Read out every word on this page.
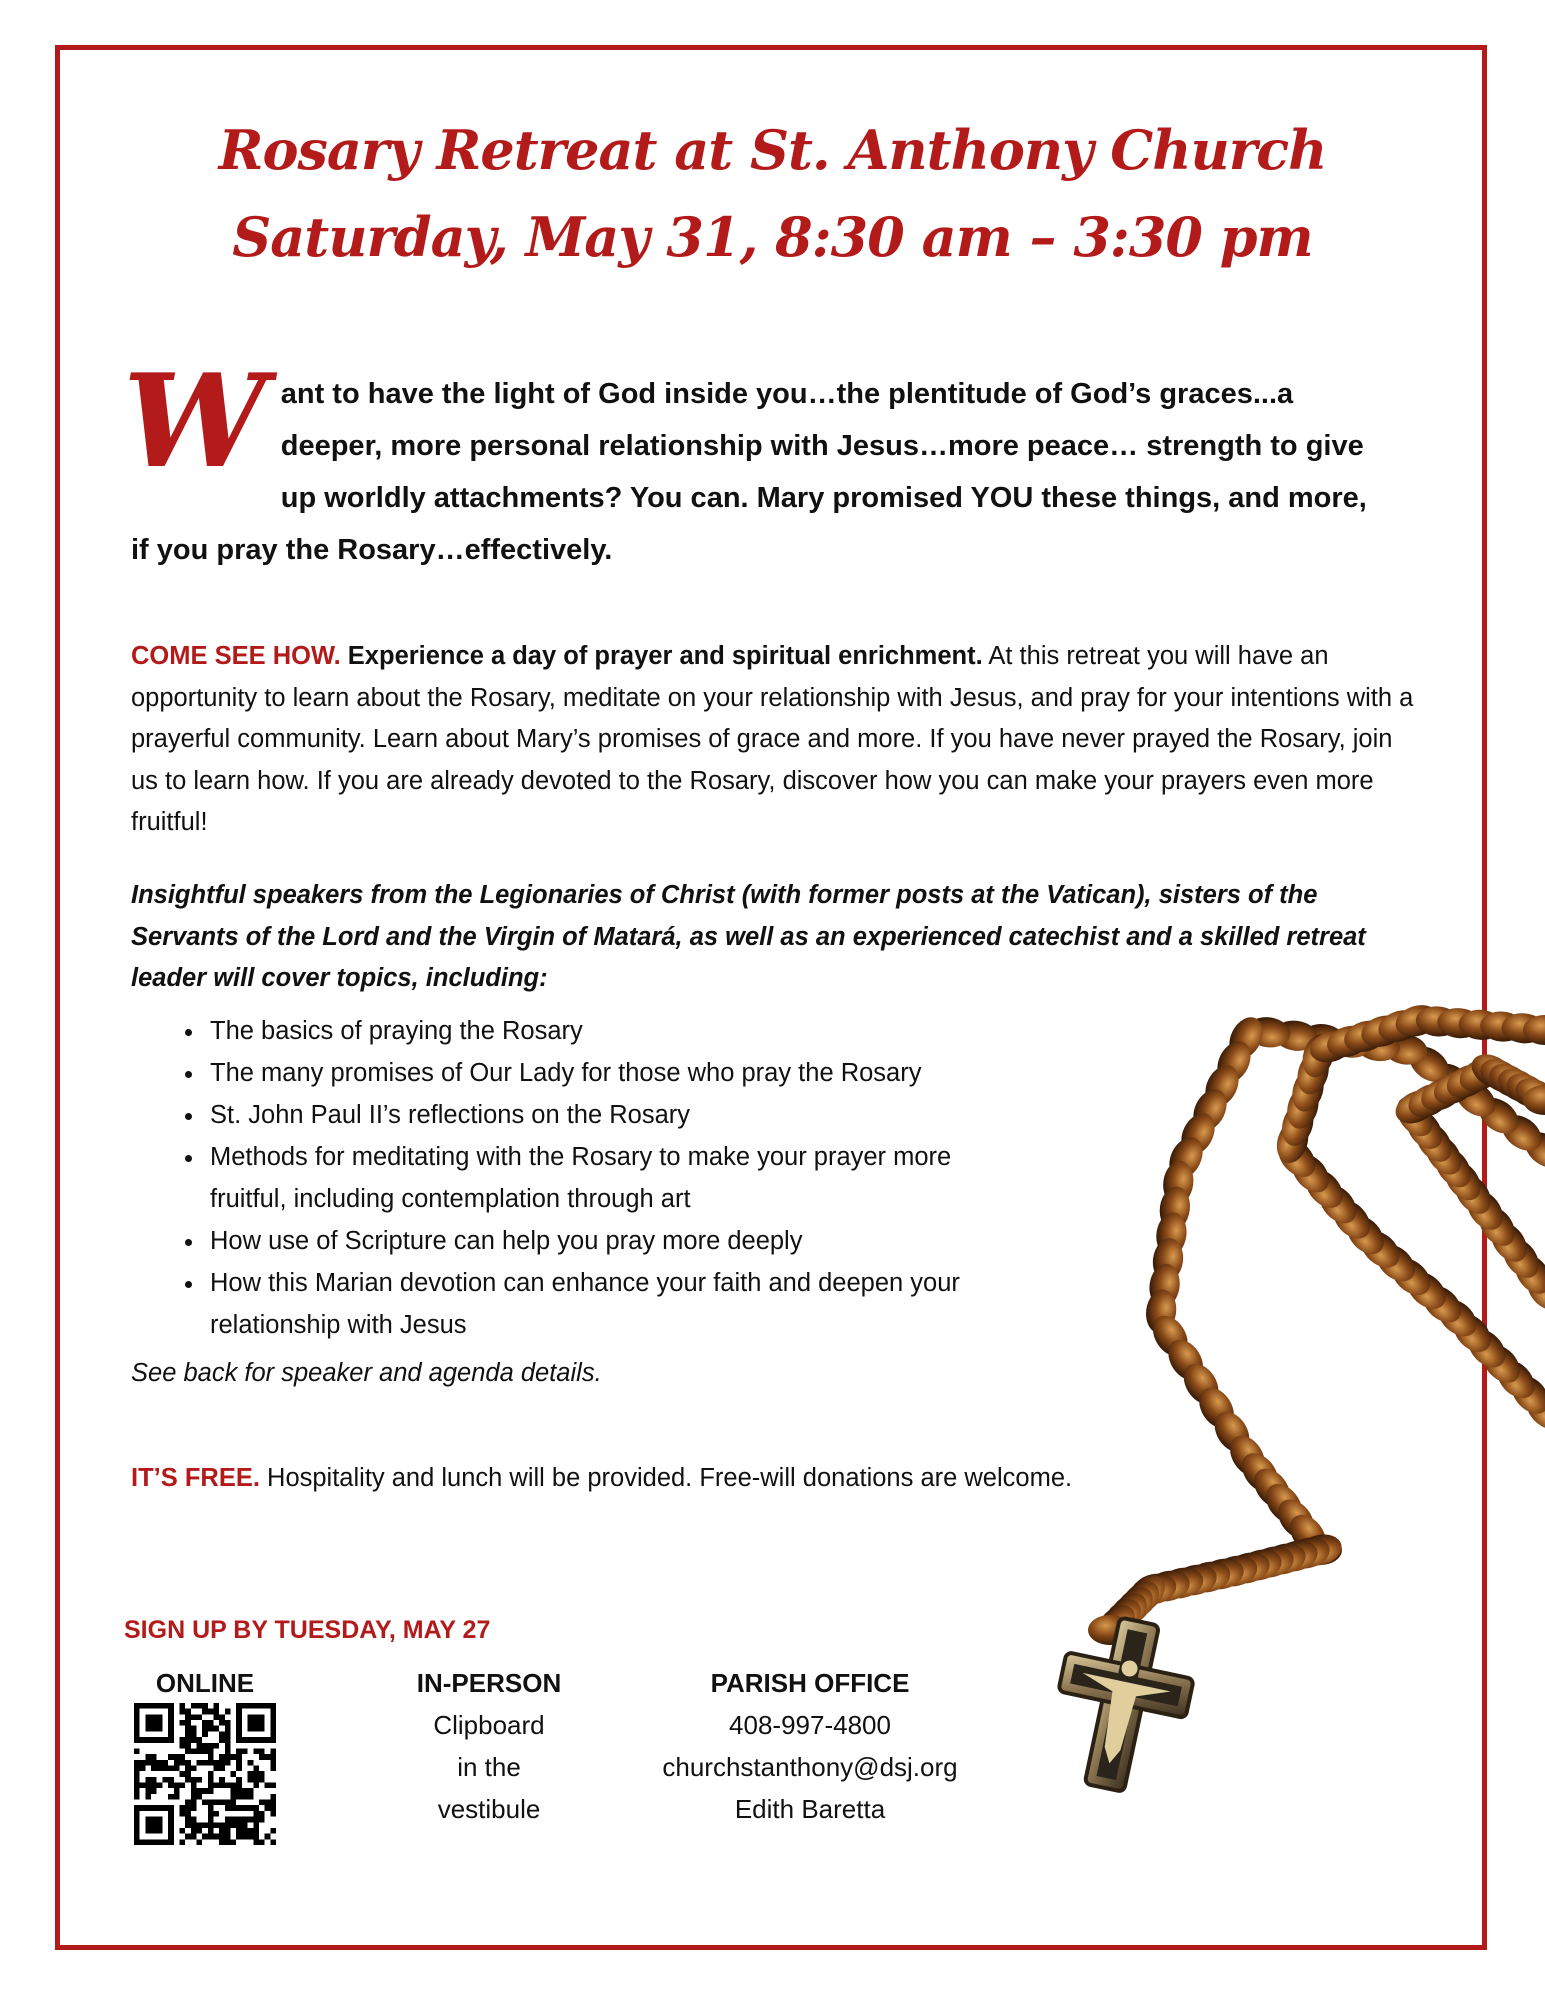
Rosary Retreat at St. Anthony Church
Saturday, May 31, 8:30 am – 3:30 pm
W ant to have the light of God inside you…the plentitude of God’s graces...a deeper, more personal relationship with Jesus…more peace… strength to give up worldly attachments? You can. Mary promised YOU these things, and more, if you pray the Rosary…effectively.
COME SEE HOW. Experience a day of prayer and spiritual enrichment. At this retreat you will have an opportunity to learn about the Rosary, meditate on your relationship with Jesus, and pray for your intentions with a prayerful community. Learn about Mary’s promises of grace and more. If you have never prayed the Rosary, join us to learn how. If you are already devoted to the Rosary, discover how you can make your prayers even more fruitful!
Insightful speakers from the Legionaries of Christ (with former posts at the Vatican), sisters of the Servants of the Lord and the Virgin of Matará, as well as an experienced catechist and a skilled retreat leader will cover topics, including:
• The basics of praying the Rosary
• The many promises of Our Lady for those who pray the Rosary
• St. John Paul II’s reflections on the Rosary
• Methods for meditating with the Rosary to make your prayer more fruitful, including contemplation through art
• How use of Scripture can help you pray more deeply
• How this Marian devotion can enhance your faith and deepen your relationship with Jesus
See back for speaker and agenda details.
IT’S FREE. Hospitality and lunch will be provided. Free-will donations are welcome.
SIGN UP BY TUESDAY, MAY 27
ONLINE	IN-PERSON
Clipboard
in the
vestibule
PARISH OFFICE
408-997-4800
churchstanthony@dsj.org
Edith Baretta
